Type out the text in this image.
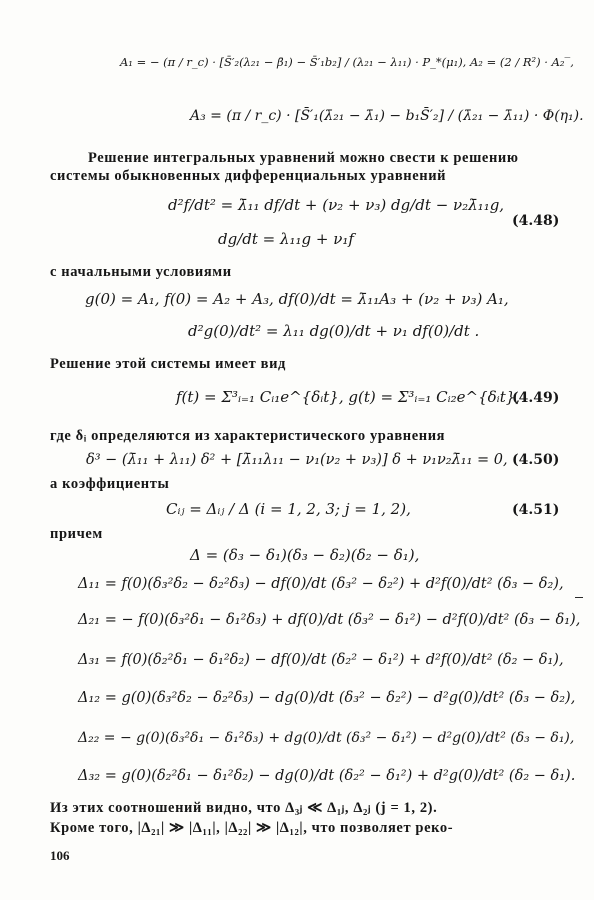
A₁ = − (π / r_c) · [S̄′₂(λ₂₁ − β̄₁) − S̄′₁b₂] / (λ₂₁ − λ₁₁) · P_*(μ₁), A₂ = (2 / R²) · A₂‾,
A₃ = (π / r_c) · [S̄′₁(λ̄₂₁ − λ̄₁) − b₁S̄′₂] / (λ̄₂₁ − λ̄₁₁) · Φ(η₁).
Решение интегральных уравнений можно свести к решению
системы обыкновенных дифференциальных уравнений
d²f/dt² = λ̄₁₁ df/dt + (ν₂ + ν₃) dg/dt − ν₂λ̄₁₁g,
dg/dt = λ₁₁g + ν₁f
(4.48)
с начальными условиями
g(0) = A₁, f(0) = A₂ + A₃, df(0)/dt = λ̄₁₁A₃ + (ν₂ + ν₃) A₁,
d²g(0)/dt² = λ₁₁ dg(0)/dt + ν₁ df(0)/dt .
Решение этой системы имеет вид
f(t) = Σ³ᵢ₌₁ Cᵢ₁e^{δᵢt}, g(t) = Σ³ᵢ₌₁ Cᵢ₂e^{δᵢt},
(4.49)
где δᵢ определяются из характеристического уравнения
δ³ − (λ̄₁₁ + λ₁₁) δ² + [λ̄₁₁λ₁₁ − ν₁(ν₂ + ν₃)] δ + ν₁ν₂λ̄₁₁ = 0, (4.50)
а коэффициенты
Cᵢⱼ = Δᵢⱼ / Δ (i = 1, 2, 3; j = 1, 2),	(4.51)
причем
Δ = (δ₃ − δ₁)(δ₃ − δ₂)(δ₂ − δ₁),
Δ₁₁ = f(0)(δ₃²δ₂ − δ₂²δ₃) − df(0)/dt (δ₃² − δ₂²) + d²f(0)/dt² (δ₃ − δ₂),
Δ₂₁ = − f(0)(δ₃²δ₁ − δ₁²δ₃) + df(0)/dt (δ₃² − δ₁²) − d²f(0)/dt² (δ₃ − δ₁),
Δ₃₁ = f(0)(δ₂²δ₁ − δ₁²δ₂) − df(0)/dt (δ₂² − δ₁²) + d²f(0)/dt² (δ₂ − δ₁),
Δ₁₂ = g(0)(δ₃²δ₂ − δ₂²δ₃) − dg(0)/dt (δ₃² − δ₂²) − d²g(0)/dt² (δ₃ − δ₂),
Δ₂₂ = − g(0)(δ₃²δ₁ − δ₁²δ₃) + dg(0)/dt (δ₃² − δ₁²) − d²g(0)/dt² (δ₃ − δ₁),
Δ₃₂ = g(0)(δ₂²δ₁ − δ₁²δ₂) − dg(0)/dt (δ₂² − δ₁²) + d²g(0)/dt² (δ₂ − δ₁).
Из этих соотношений видно, что Δ₃ⱼ ≪ Δ₁ⱼ, Δ₂ⱼ (j = 1, 2).
Кроме того, |Δ₂₁| ≫ |Δ₁₁|, |Δ₂₂| ≫ |Δ₁₂|, что позволяет реко-
106
